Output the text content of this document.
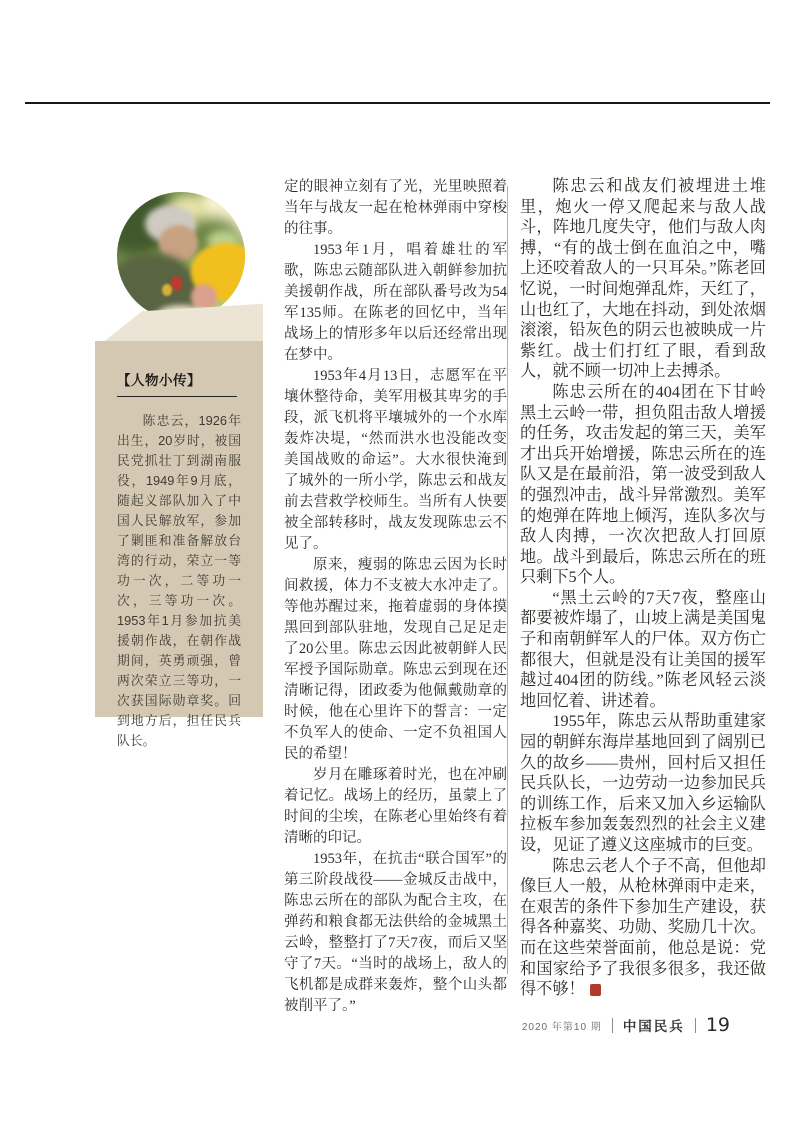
【人物小传】
陈忠云，1926年出生，20岁时，被国民党抓壮丁到湖南服役，1949年9月底，随起义部队加入了中国人民解放军，参加了剿匪和准备解放台湾的行动，荣立一等功一次，二等功一次，三等功一次。1953年1月参加抗美援朝作战，在朝作战期间，英勇顽强，曾两次荣立三等功，一次获国际勋章奖。回到地方后，担任民兵队长。

定的眼神立刻有了光，光里映照着当年与战友一起在枪林弹雨中穿梭的往事。

1953年1月，唱着雄壮的军歌，陈忠云随部队进入朝鲜参加抗美援朝作战，所在部队番号改为54军135师。在陈老的回忆中，当年战场上的情形多年以后还经常出现在梦中。

1953年4月13日，志愿军在平壤休整待命，美军用极其卑劣的手段，派飞机将平壤城外的一个水库轰炸决堤，“然而洪水也没能改变美国战败的命运”。大水很快淹到了城外的一所小学，陈忠云和战友前去营救学校师生。当所有人快要被全部转移时，战友发现陈忠云不见了。

原来，瘦弱的陈忠云因为长时间救援，体力不支被大水冲走了。等他苏醒过来，拖着虚弱的身体摸黑回到部队驻地，发现自己足足走了20公里。陈忠云因此被朝鲜人民军授予国际勋章。陈忠云到现在还清晰记得，团政委为他佩戴勋章的时候，他在心里许下的誓言：一定不负军人的使命、一定不负祖国人民的希望！

岁月在雕琢着时光，也在冲刷着记忆。战场上的经历，虽蒙上了时间的尘埃，在陈老心里始终有着清晰的印记。

1953年，在抗击“联合国军”的第三阶段战役——金城反击战中，陈忠云所在的部队为配合主攻，在弹药和粮食都无法供给的金城黑土云岭，整整打了7天7夜，而后又坚守了7天。“当时的战场上，敌人的飞机都是成群来轰炸，整个山头都被削平了。”

陈忠云和战友们被埋进土堆里，炮火一停又爬起来与敌人战斗，阵地几度失守，他们与敌人肉搏，“有的战士倒在血泊之中，嘴上还咬着敌人的一只耳朵。”陈老回忆说，一时间炮弹乱炸，天红了，山也红了，大地在抖动，到处浓烟滚滚，铅灰色的阴云也被映成一片紫红。战士们打红了眼，看到敌人，就不顾一切冲上去搏杀。

陈忠云所在的404团在下甘岭黑土云岭一带，担负阻击敌人增援的任务，攻击发起的第三天，美军才出兵开始增援，陈忠云所在的连队又是在最前沿，第一波受到敌人的强烈冲击，战斗异常激烈。美军的炮弹在阵地上倾泻，连队多次与敌人肉搏，一次次把敌人打回原地。战斗到最后，陈忠云所在的班只剩下5个人。

“黑土云岭的7天7夜，整座山都要被炸塌了，山坡上满是美国鬼子和南朝鲜军人的尸体。双方伤亡都很大，但就是没有让美国的援军越过404团的防线。”陈老风轻云淡地回忆着、讲述着。

1955年，陈忠云从帮助重建家园的朝鲜东海岸基地回到了阔别已久的故乡——贵州，回村后又担任民兵队长，一边劳动一边参加民兵的训练工作，后来又加入乡运输队拉板车参加轰轰烈烈的社会主义建设，见证了遵义这座城市的巨变。

陈忠云老人个子不高，但他却像巨人一般，从枪林弹雨中走来，在艰苦的条件下参加生产建设，获得各种嘉奖、功勋、奖励几十次。而在这些荣誉面前，他总是说：党和国家给予了我很多很多，我还做得不够！	兵

2020 年第10 期 中国民兵 19
